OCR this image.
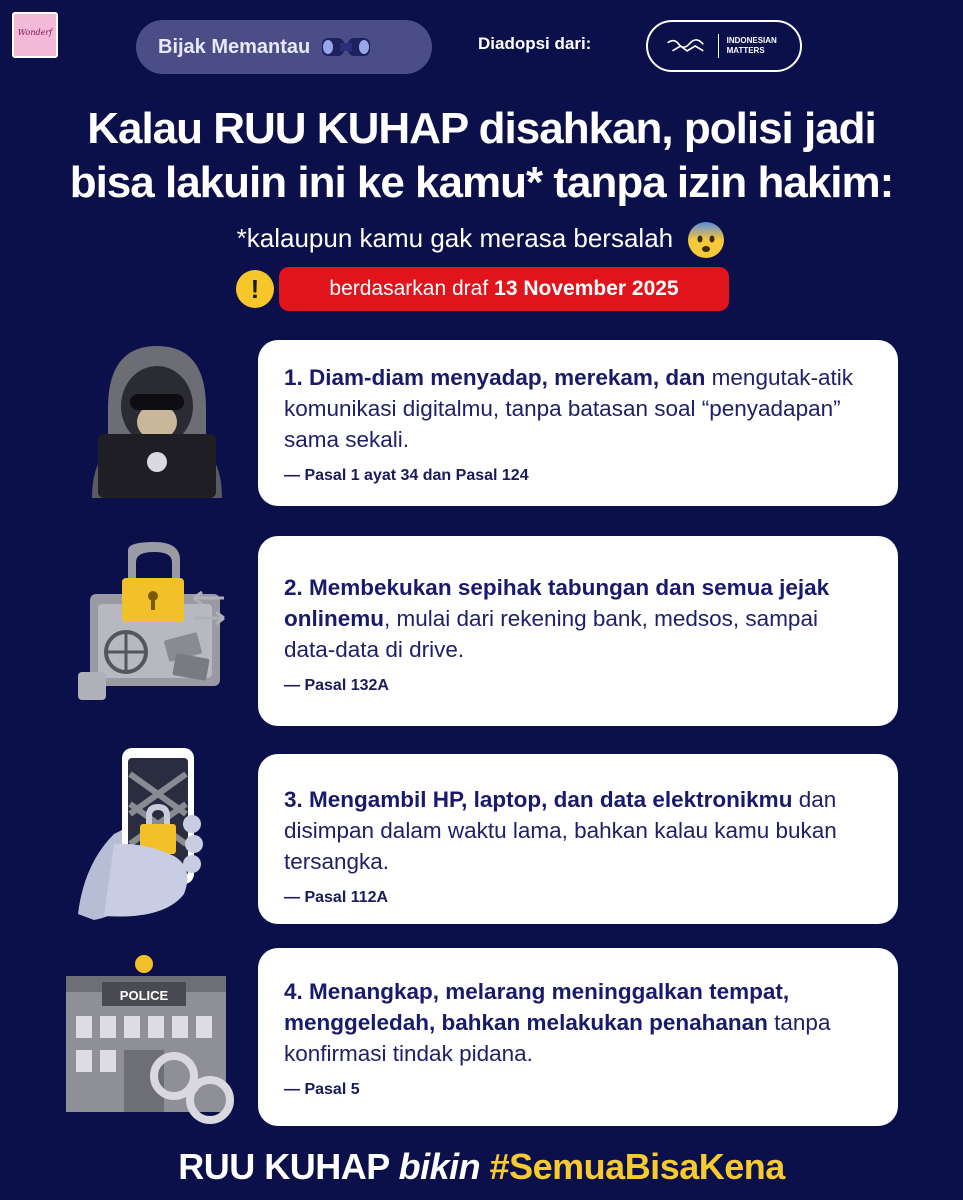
Wonderf
Bijak Memantau	Diadopsi dari:	INDONESIAN MATTERS
Kalau RUU KUHAP disahkan, polisi jadi
bisa lakuin ini ke kamu* tanpa izin hakim:
*kalaupun kamu gak merasa bersalah
!	berdasarkan draf 13 November 2025
1. Diam-diam menyadap, merekam, dan mengutak-atik komunikasi digitalmu, tanpa batasan soal “penyadapan” sama sekali.
— Pasal 1 ayat 34 dan Pasal 124
2. Membekukan sepihak tabungan dan semua jejak onlinemu, mulai dari rekening bank, medsos, sampai data-data di drive.
— Pasal 132A
3. Mengambil HP, laptop, dan data elektronikmu dan disimpan dalam waktu lama, bahkan kalau kamu bukan tersangka.
— Pasal 112A
POLICE	4. Menangkap, melarang meninggalkan tempat, menggeledah, bahkan melakukan penahanan tanpa konfirmasi tindak pidana.
— Pasal 5
RUU KUHAP bikin #SemuaBisaKena
